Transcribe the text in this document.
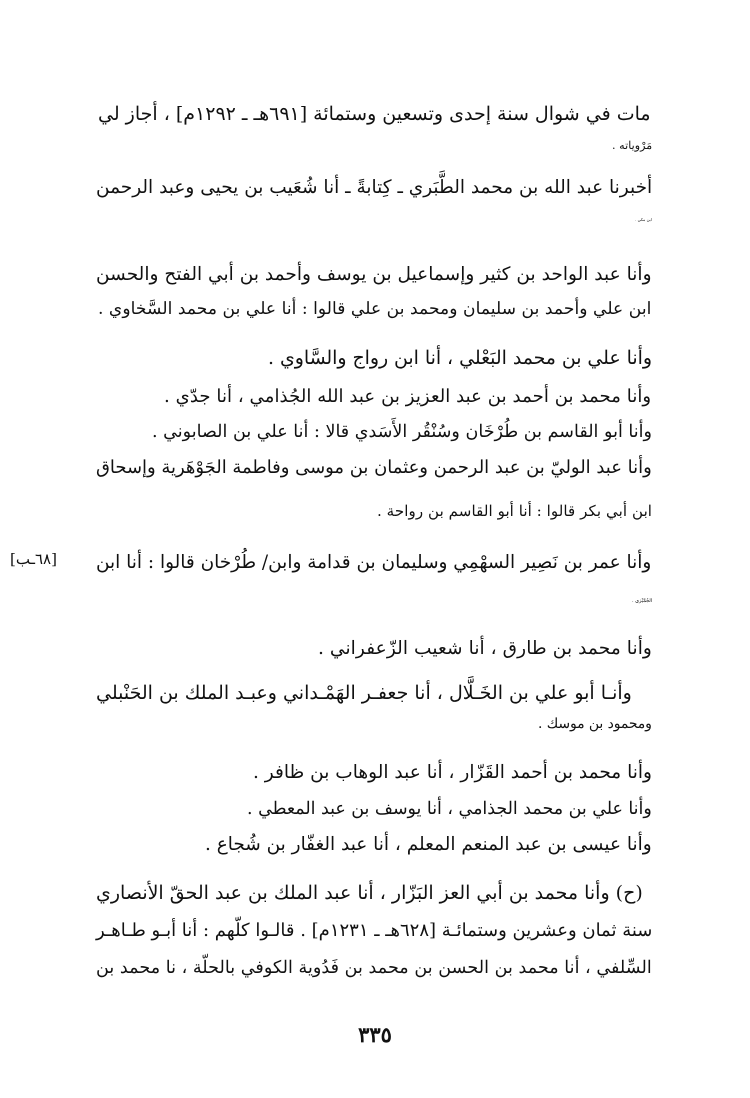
مات في شوال سنة إحدى وتسعين وستمائة [٦٩١هـ ـ ١٢٩٢م] ، أجاز لي
مَرْوياته .
أخبرنا عبد الله بن محمد الطَّبَري ـ كِتابةً ـ أنا شُعَيب بن يحيى وعبد الرحمن
ابن مكي .
وأنا عبد الواحد بن كثير وإسماعيل بن يوسف وأحمد بن أبي الفتح والحسن
ابن علي وأحمد بن سليمان ومحمد بن علي قالوا : أنا علي بن محمد السَّخاوي .
وأنا علي بن محمد البَعْلي ، أنا ابن رواج والسَّاوي .
وأنا محمد بن أحمد بن عبد العزيز بن عبد الله الجُذامي ، أنا جدّي .
وأنا أبو القاسم بن طُرْخَان وسُنْقُر الأَسَدي قالا : أنا علي بن الصابوني .
وأنا عبد الوليّ بن عبد الرحمن وعثمان بن موسى وفاطمة الجَوْهَرية وإسحاق
ابن أبي بكر قالوا : أنا أبو القاسم بن رواحة .
وأنا عمر بن نَصِير السهْمِي وسليمان بن قدامة وابن/ طُرْخان قالوا : أنا ابن
الجُمَّيْزي .
وأنا محمد بن طارق ، أنا شعيب الزّعفراني .
وأنـا أبو علي بن الخَـلَّال ، أنا جعفـر الهَمْـداني وعبـد الملك بن الحَنْبلي
ومحمود بن موسك .
وأنا محمد بن أحمد القَزّار ، أنا عبد الوهاب بن ظافر .
وأنا علي بن محمد الجذامي ، أنا يوسف بن عبد المعطي .
وأنا عيسى بن عبد المنعم المعلم ، أنا عبد الغفّار بن شُجاع .
(ح) وأنا محمد بن أبي العز البَزّار ، أنا عبد الملك بن عبد الحقّ الأنصاري
سنة ثمان وعشرين وستمائـة [٦٢٨هـ ـ ١٢٣١م] . قالـوا كلّهم : أنا أبـو طـاهـر
السِّلفي ، أنا محمد بن الحسن بن محمد بن فَدُوية الكوفي بالحلّة ، نا محمد بن
[٦٨ـب]
٣٣٥
